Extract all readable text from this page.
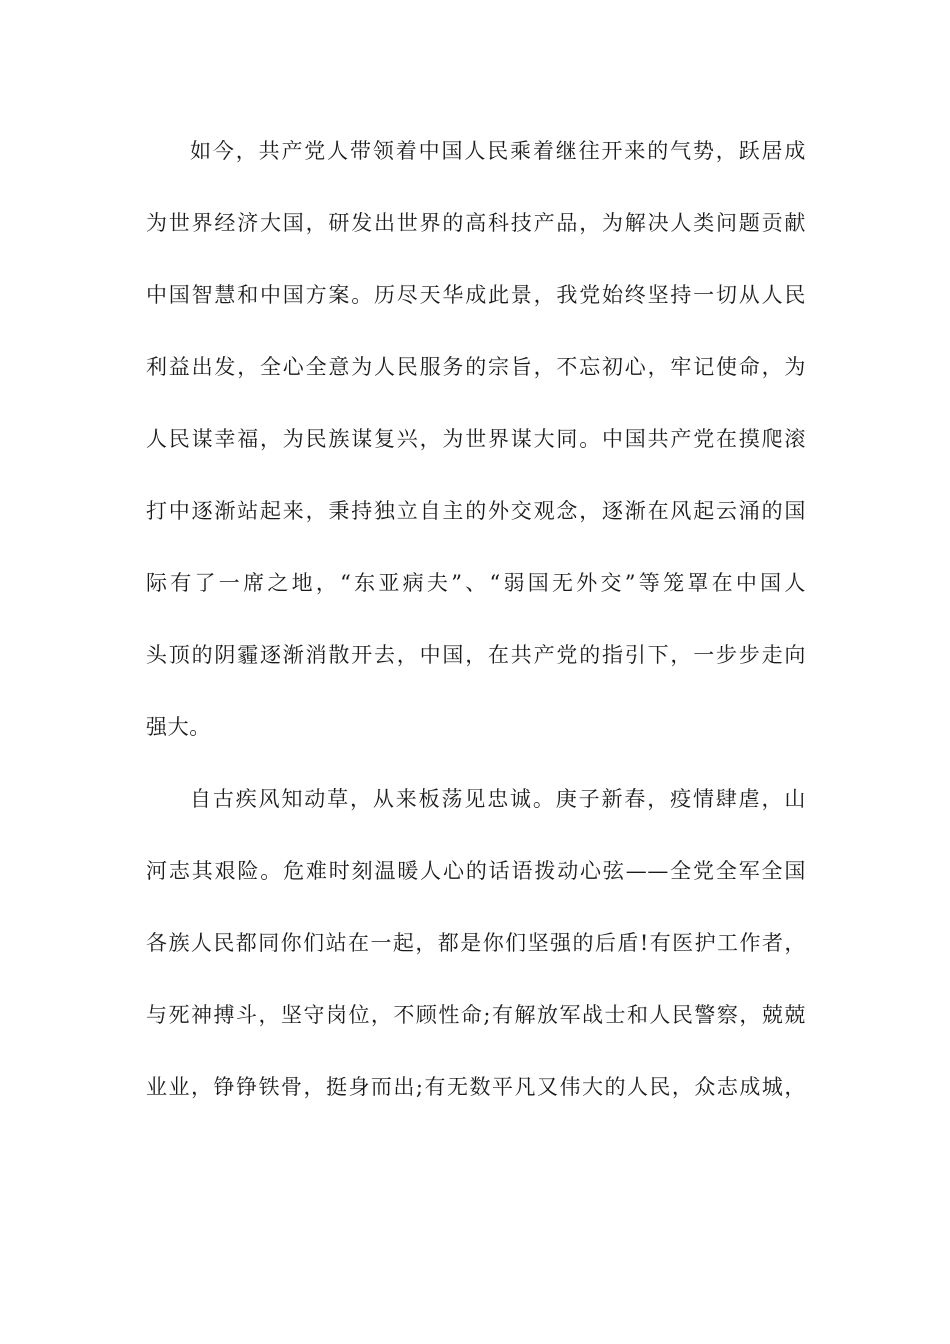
如今，共产党人带领着中国人民乘着继往开来的气势，跃居成
为世界经济大国，研发出世界的高科技产品，为解决人类问题贡献
中国智慧和中国方案。历尽天华成此景，我党始终坚持一切从人民
利益出发，全心全意为人民服务的宗旨，不忘初心，牢记使命，为
人民谋幸福，为民族谋复兴，为世界谋大同。中国共产党在摸爬滚
打中逐渐站起来，秉持独立自主的外交观念，逐渐在风起云涌的国
际有了一席之地，“东亚病夫”、“弱国无外交”等笼罩在中国人
头顶的阴霾逐渐消散开去，中国，在共产党的指引下，一步步走向
强大。
自古疾风知动草，从来板荡见忠诚。庚子新春，疫情肆虐，山
河志其艰险。危难时刻温暖人心的话语拨动心弦——全党全军全国
各族人民都同你们站在一起，都是你们坚强的后盾!有医护工作者，
与死神搏斗，坚守岗位，不顾性命;有解放军战士和人民警察，兢兢
业业，铮铮铁骨，挺身而出;有无数平凡又伟大的人民，众志成城，
